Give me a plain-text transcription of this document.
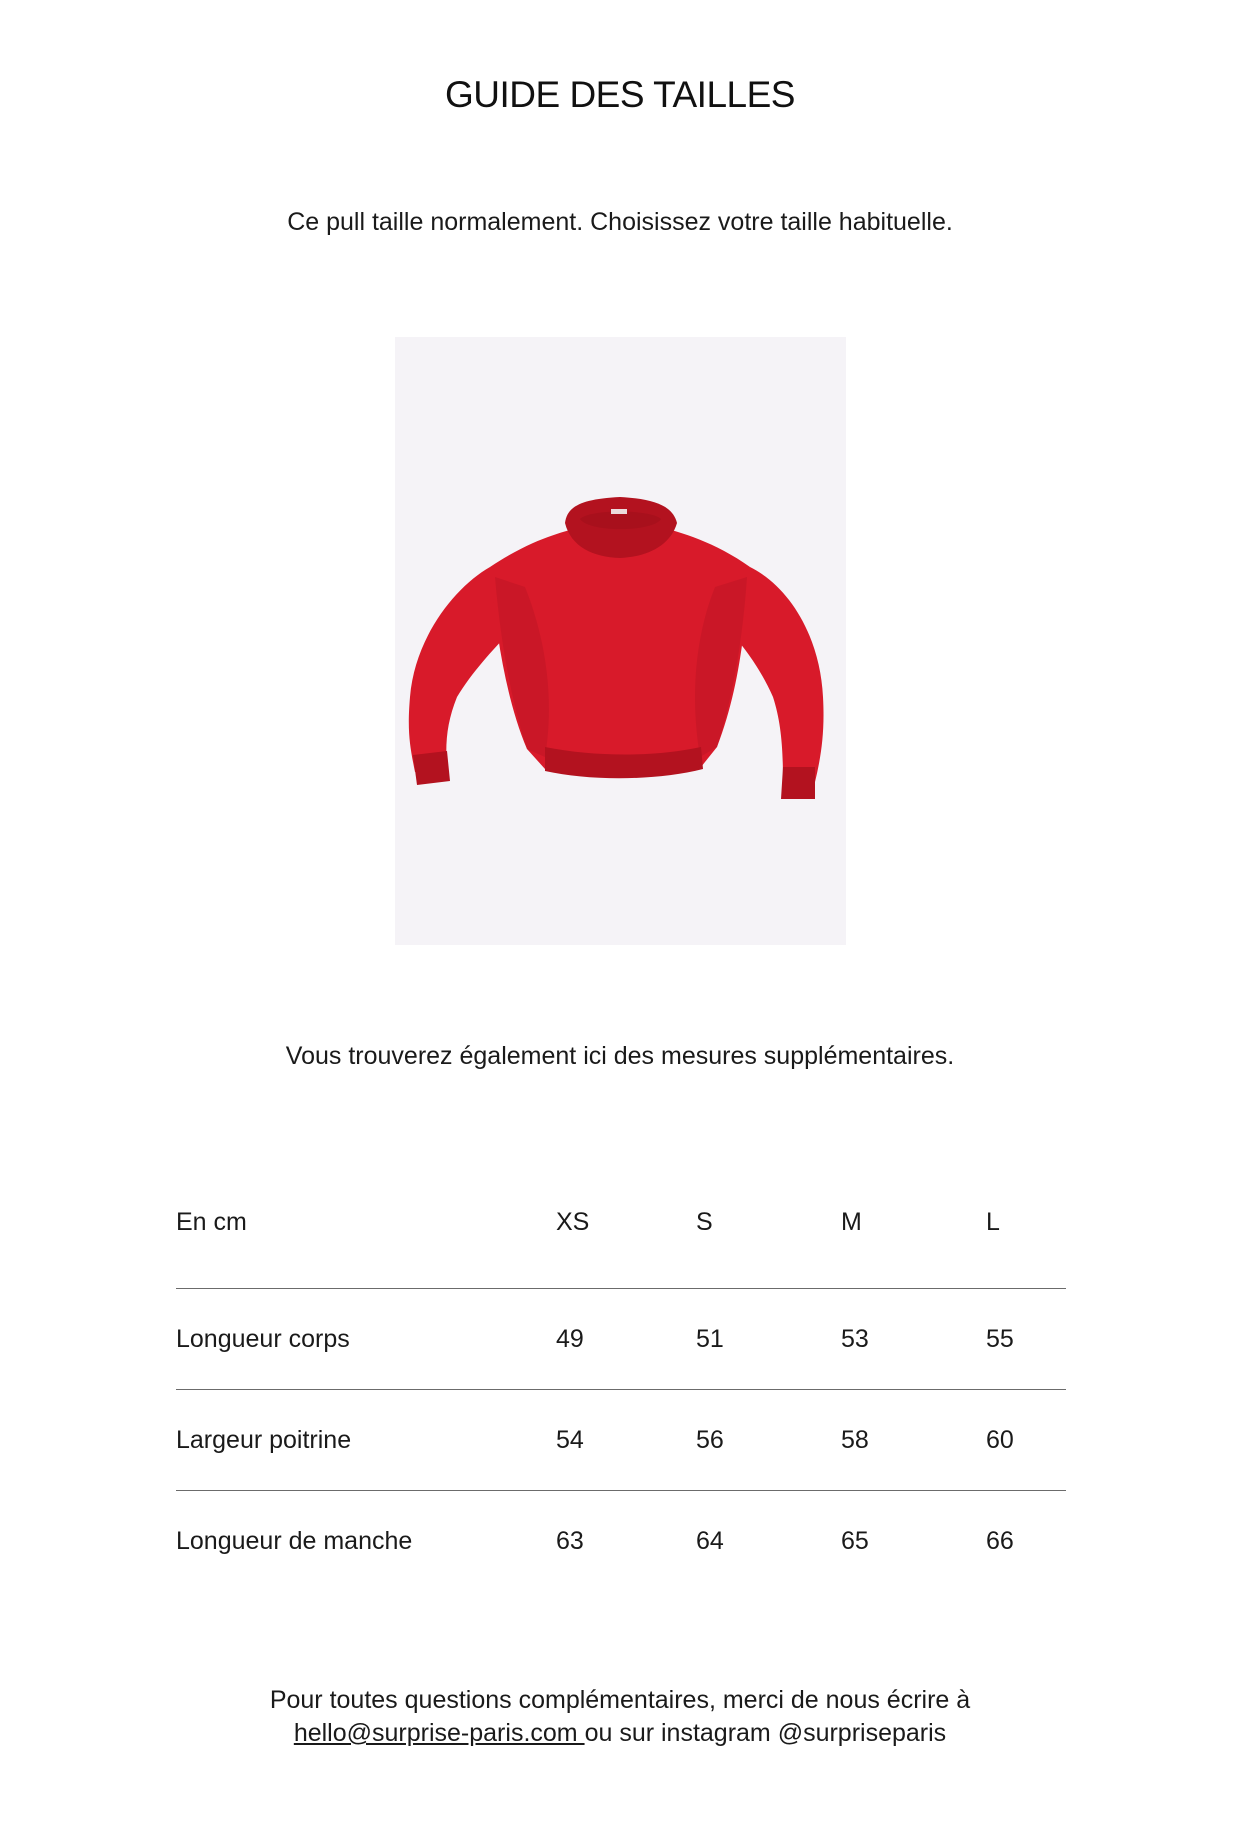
GUIDE DES TAILLES
Ce pull taille normalement. Choisissez votre taille habituelle.
Vous trouverez également ici des mesures supplémentaires.
En cm	XS	S	M	L
Longueur corps	49	51	53	55
Largeur poitrine	54	56	58	60
Longueur de manche	63	64	65	66
Pour toutes questions complémentaires, merci de nous écrire à
hello@surprise-paris.com ou sur instagram @surpriseparis
